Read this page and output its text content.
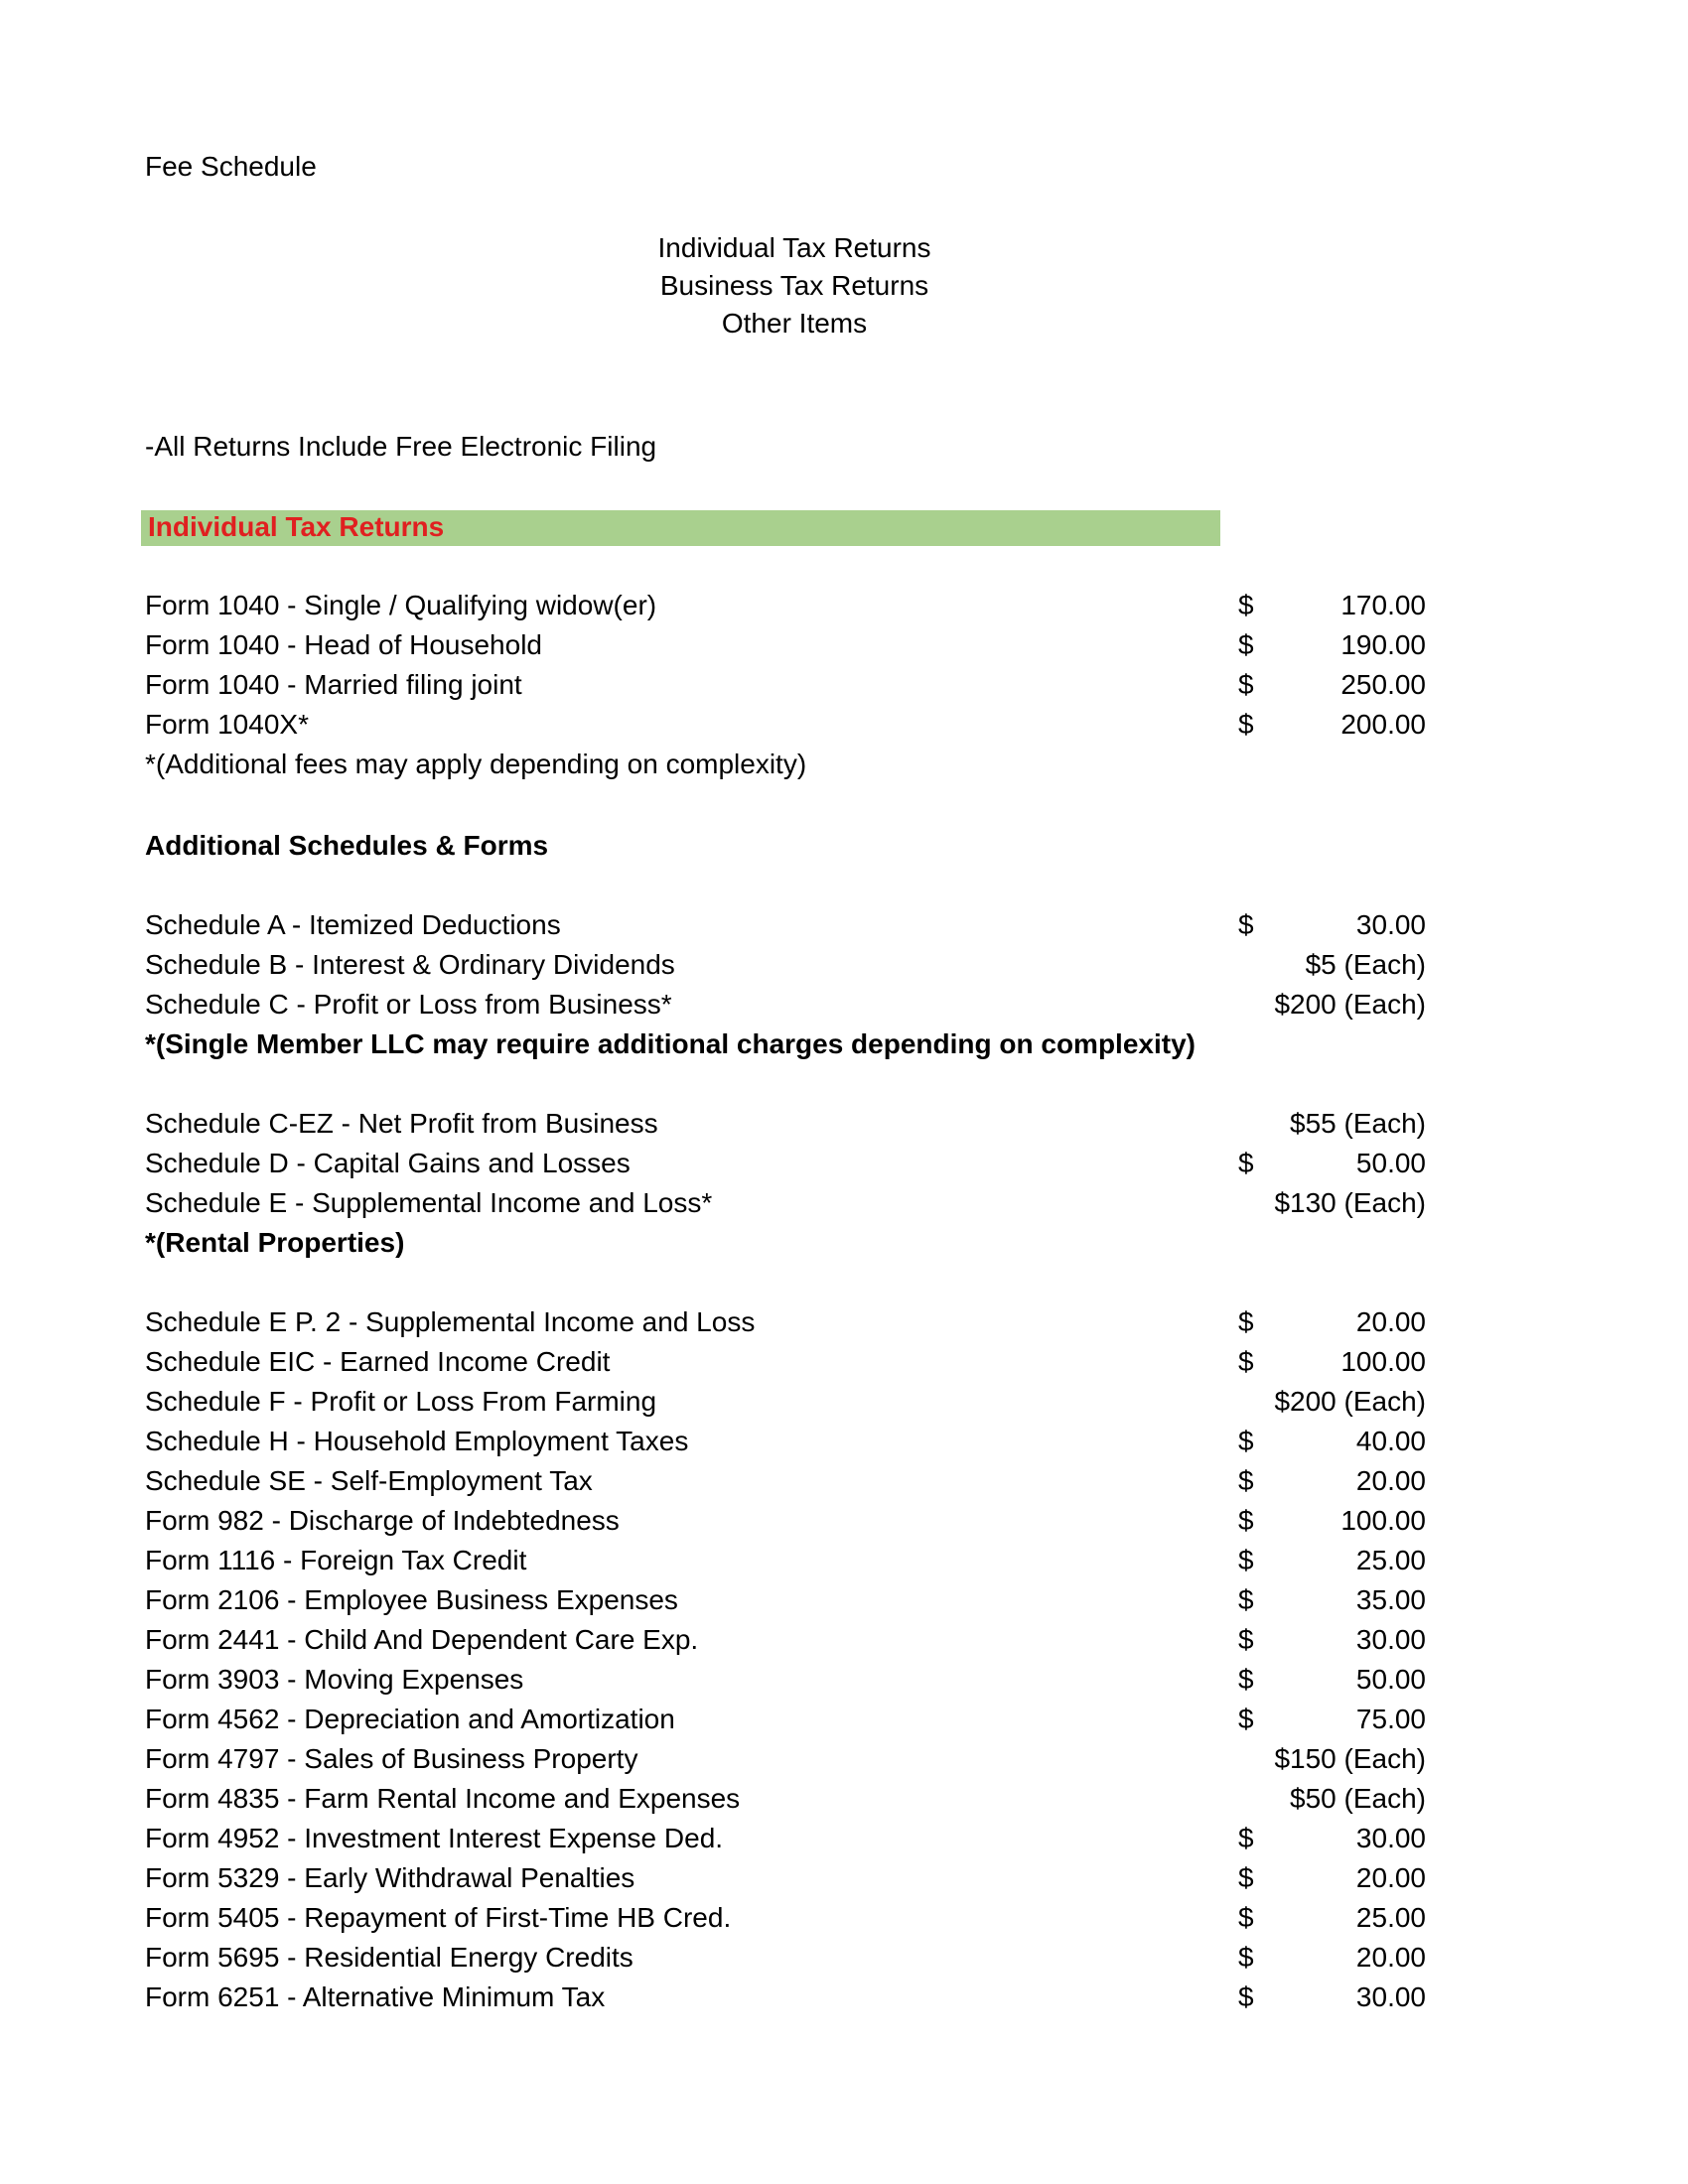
Fee Schedule
Individual Tax Returns
Business Tax Returns
Other Items
-All Returns Include Free Electronic Filing
Individual Tax Returns
Form 1040 - Single / Qualifying widow(er)	$	170.00
Form 1040 - Head of Household	$	190.00
Form 1040 - Married filing joint	$	250.00
Form 1040X*	$	200.00
*(Additional fees may apply depending on complexity)
Additional Schedules & Forms
Schedule A - Itemized Deductions	$	30.00
Schedule B - Interest & Ordinary Dividends	$5 (Each)
Schedule C - Profit or Loss from Business*	$200 (Each)
*(Single Member LLC may require additional charges depending on complexity)
Schedule C-EZ - Net Profit from Business	$55 (Each)
Schedule D - Capital Gains and Losses	$	50.00
Schedule E - Supplemental Income and Loss*	$130 (Each)
*(Rental Properties)
Schedule E P. 2 - Supplemental Income and Loss	$	20.00
Schedule EIC - Earned Income Credit	$	100.00
Schedule F - Profit or Loss From Farming	$200 (Each)
Schedule H - Household Employment Taxes	$	40.00
Schedule SE - Self-Employment Tax	$	20.00
Form 982 - Discharge of Indebtedness	$	100.00
Form 1116 - Foreign Tax Credit	$	25.00
Form 2106 - Employee Business Expenses	$	35.00
Form 2441 - Child And Dependent Care Exp.	$	30.00
Form 3903 - Moving Expenses	$	50.00
Form 4562 - Depreciation and Amortization	$	75.00
Form 4797 - Sales of Business Property	$150 (Each)
Form 4835 - Farm Rental Income and Expenses	$50 (Each)
Form 4952 - Investment Interest Expense Ded.	$	30.00
Form 5329 - Early Withdrawal Penalties	$	20.00
Form 5405 - Repayment of First-Time HB Cred.	$	25.00
Form 5695 - Residential Energy Credits	$	20.00
Form 6251 - Alternative Minimum Tax	$	30.00
